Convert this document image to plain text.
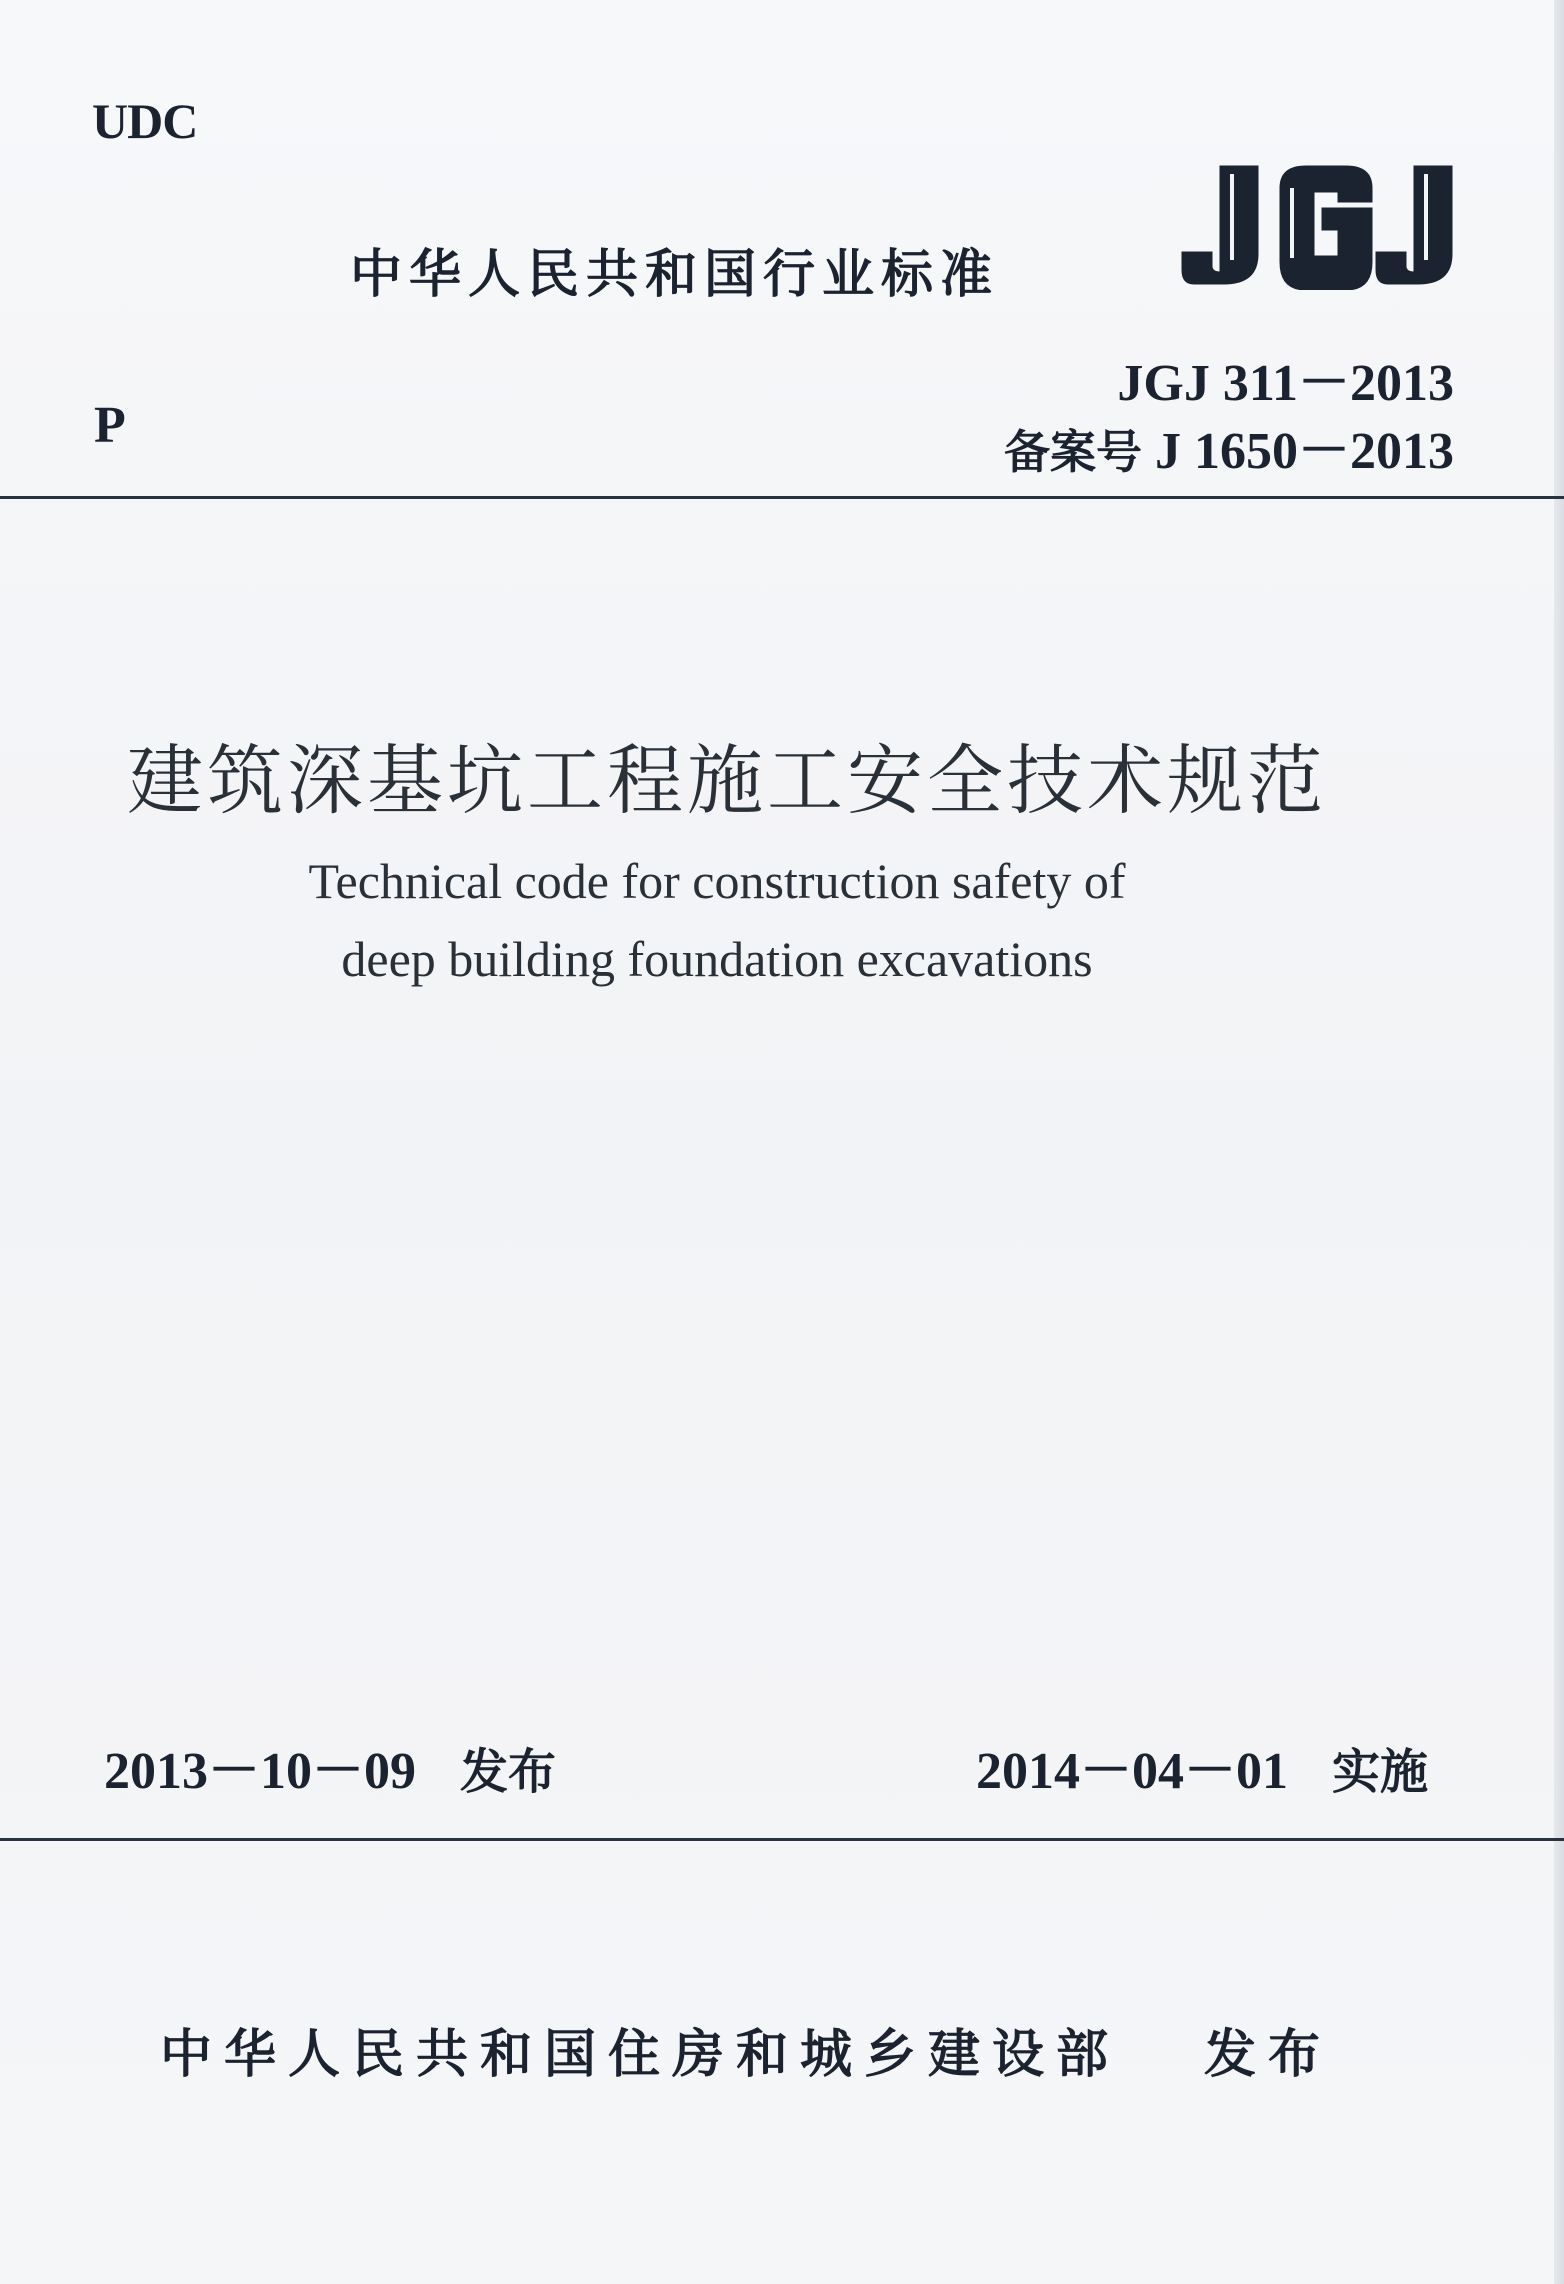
UDC
中华人民共和国行业标准
JGJ 311－2013
备案号 J 1650－2013
P
建筑深基坑工程施工安全技术规范
Technical code for construction safety of
deep building foundation excavations
2013－10－09 发布	2014－04－01 实施
中华人民共和国住房和城乡建设部 发布
